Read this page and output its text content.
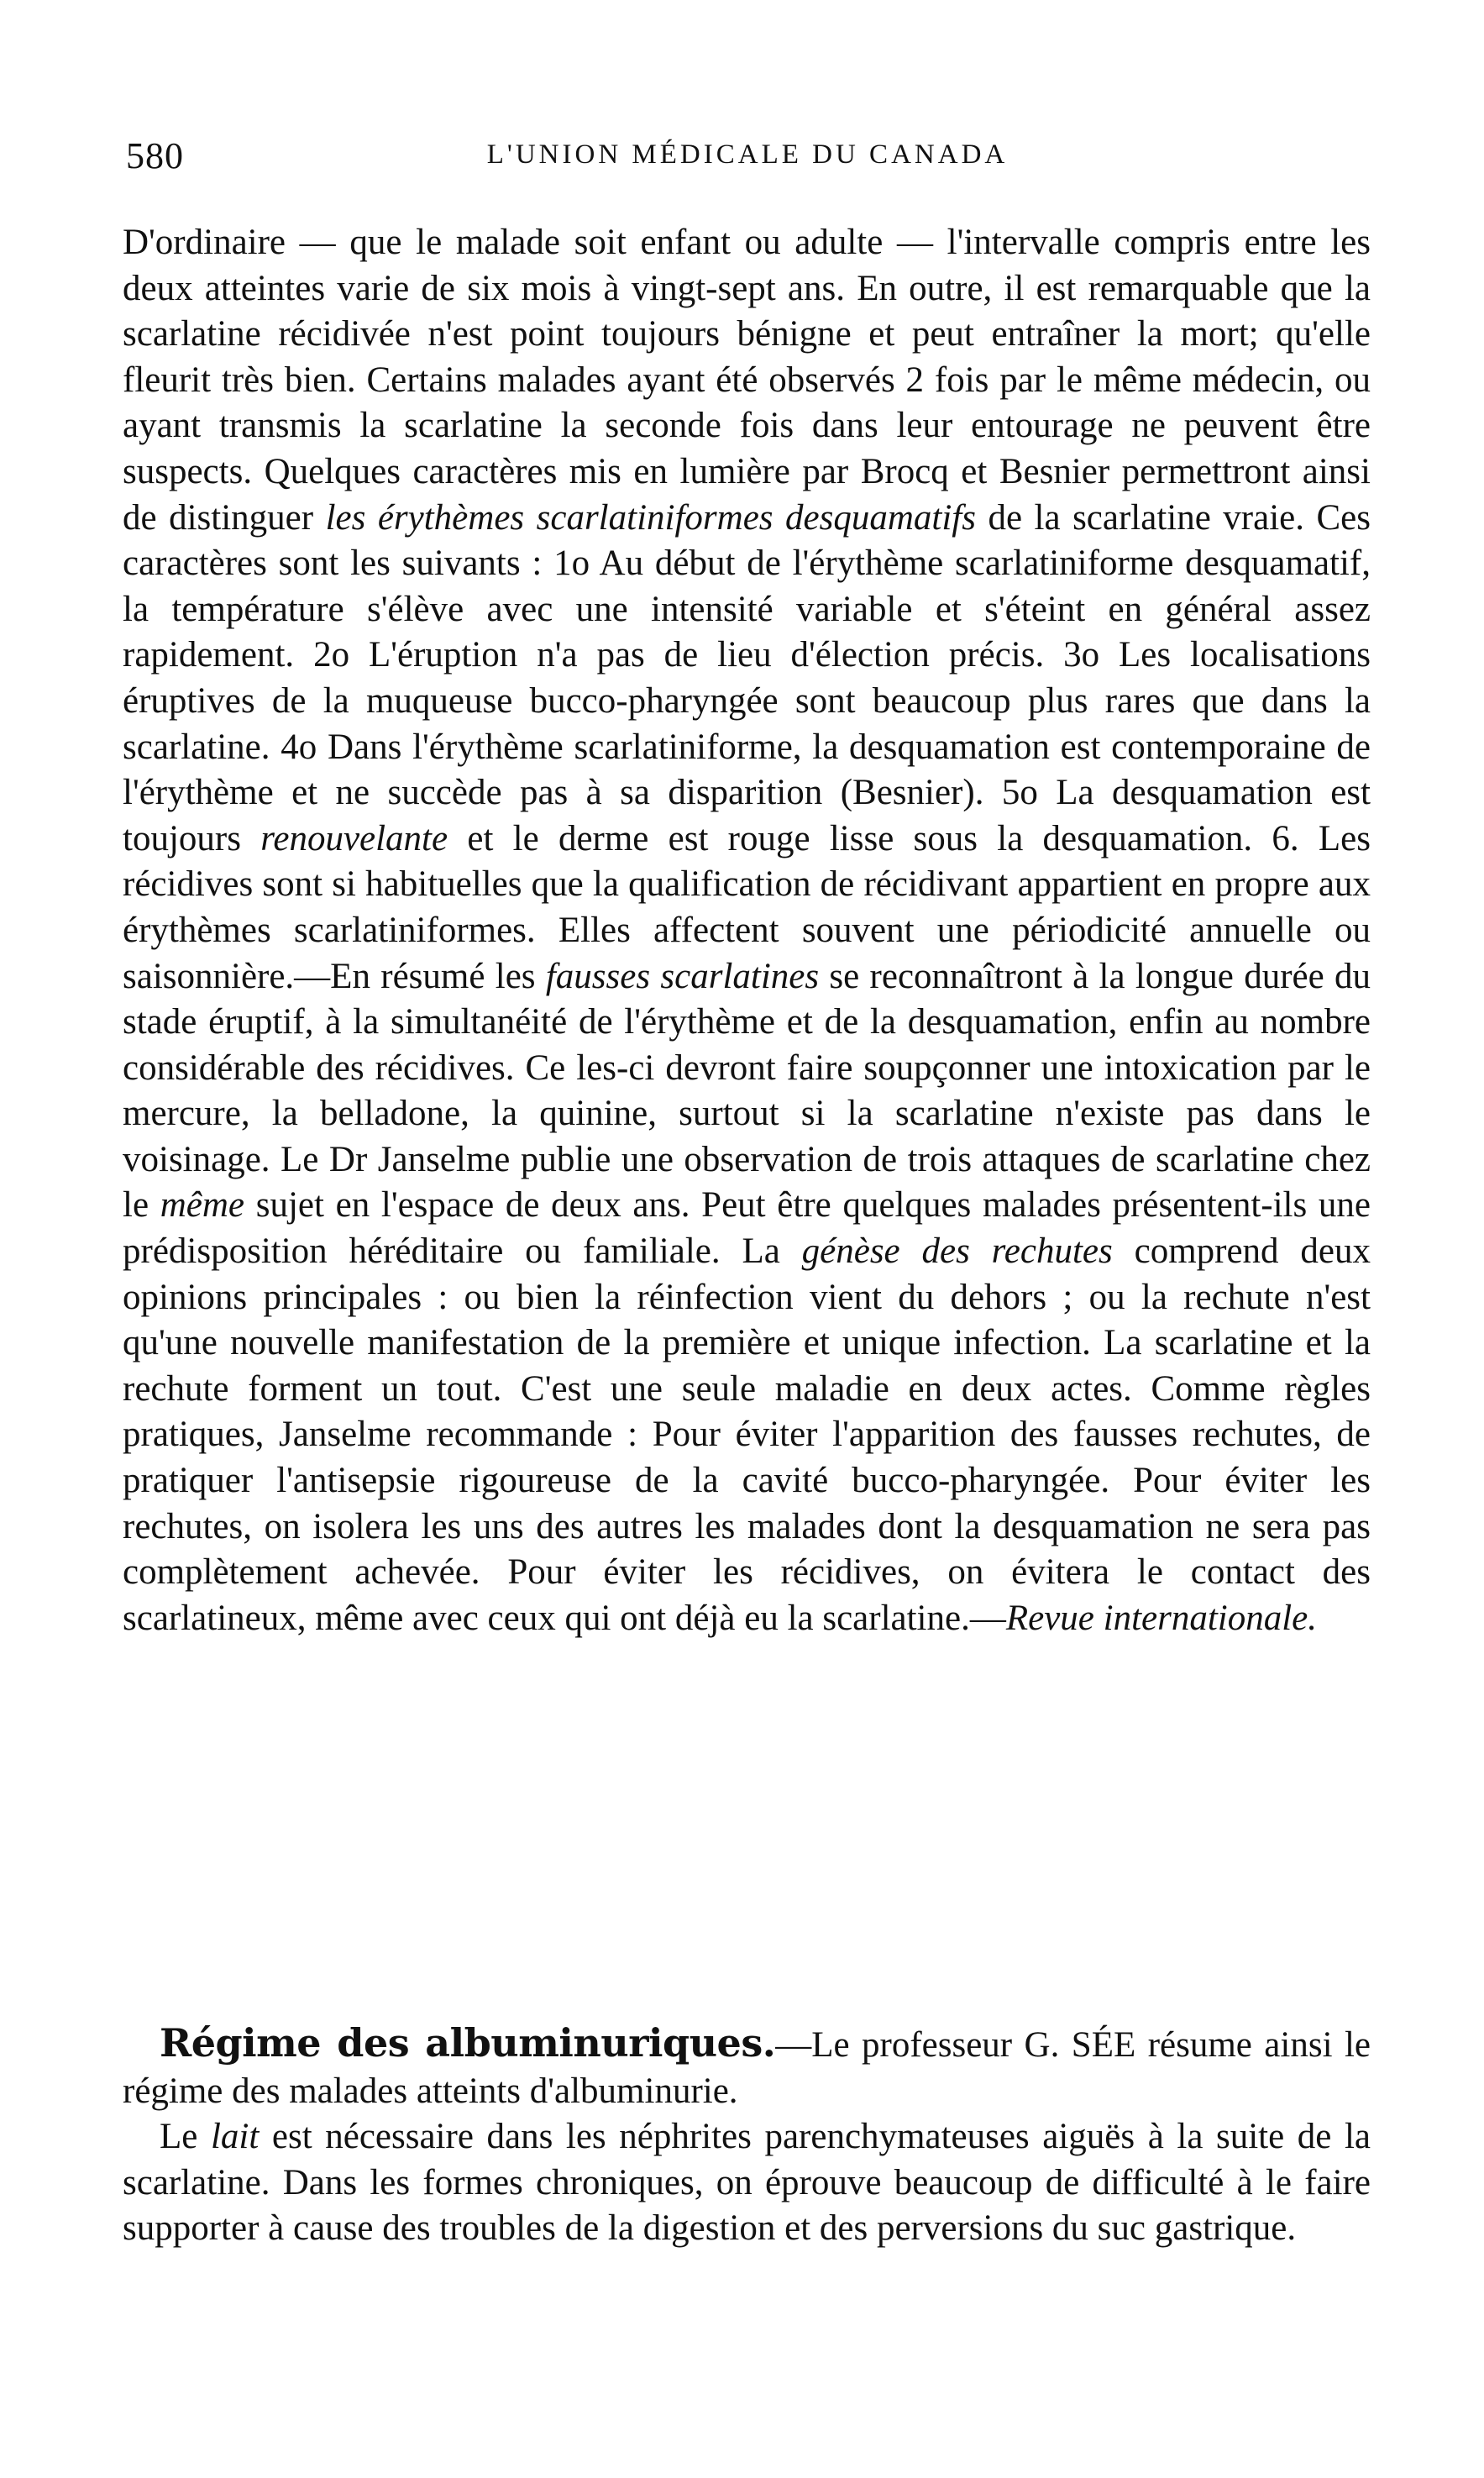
580	L'UNION MÉDICALE DU CANADA

D'ordinaire — que le malade soit enfant ou adulte — l'intervalle compris entre les deux atteintes varie de six mois à vingt-sept ans. En outre, il est remarquable que la scarlatine récidivée n'est point toujours bénigne et peut entraîner la mort; qu'elle fleurit très bien. Certains malades ayant été observés 2 fois par le même médecin, ou ayant transmis la scarlatine la seconde fois dans leur entourage ne peuvent être suspects. Quelques caractères mis en lumière par Brocq et Besnier permettront ainsi de distinguer les érythèmes scarlatiniformes desquamatifs de la scarlatine vraie. Ces caractères sont les suivants : 1o Au début de l'érythème scarlatiniforme desquamatif, la température s'élève avec une intensité variable et s'éteint en général assez rapidement. 2o L'éruption n'a pas de lieu d'élection précis. 3o Les localisations éruptives de la muqueuse bucco-pharyngée sont beaucoup plus rares que dans la scarlatine. 4o Dans l'érythème scarlatiniforme, la desquamation est contemporaine de l'érythème et ne succède pas à sa disparition (Besnier). 5o La desquamation est toujours renouvelante et le derme est rouge lisse sous la desquamation. 6. Les récidives sont si habituelles que la qualification de récidivant appartient en propre aux érythèmes scarlatiniformes. Elles affectent souvent une périodicité annuelle ou saisonnière.—En résumé les fausses scarlatines se reconnaîtront à la longue durée du stade éruptif, à la simultanéité de l'érythème et de la desquamation, enfin au nombre considérable des récidives. Ce les-ci devront faire soupçonner une intoxication par le mercure, la belladone, la quinine, surtout si la scarlatine n'existe pas dans le voisinage. Le Dr Janselme publie une observation de trois attaques de scarlatine chez le même sujet en l'espace de deux ans. Peut être quelques malades présentent-ils une prédisposition héréditaire ou familiale. La génèse des rechutes comprend deux opinions principales : ou bien la réinfection vient du dehors ; ou la rechute n'est qu'une nouvelle manifestation de la première et unique infection. La scarlatine et la rechute forment un tout. C'est une seule maladie en deux actes. Comme règles pratiques, Janselme recommande : Pour éviter l'apparition des fausses rechutes, de pratiquer l'antisepsie rigoureuse de la cavité bucco-pharyngée. Pour éviter les rechutes, on isolera les uns des autres les malades dont la desquamation ne sera pas complètement achevée. Pour éviter les récidives, on évitera le contact des scarlatineux, même avec ceux qui ont déjà eu la scarlatine.—Revue internationale.

Régime des albuminuriques.—Le professeur G. SÉE résume ainsi le régime des malades atteints d'albuminurie.

Le lait est nécessaire dans les néphrites parenchymateuses aiguës à la suite de la scarlatine. Dans les formes chroniques, on éprouve beaucoup de difficulté à le faire supporter à cause des troubles de la digestion et des perversions du suc gastrique.
